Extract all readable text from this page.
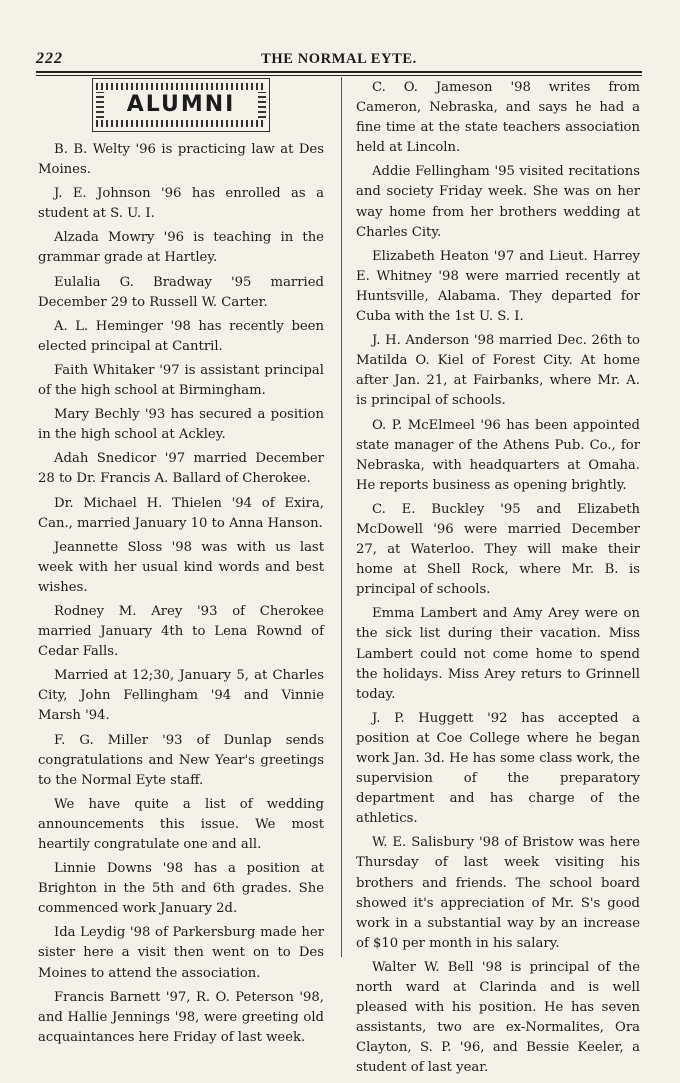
222	THE NORMAL EYTE.
ALUMNI

B. B. Welty '96 is practicing law at Des Moines.

J. E. Johnson '96 has enrolled as a student at S. U. I.

Alzada Mowry '96 is teaching in the grammar grade at Hartley.

Eulalia G. Bradway '95 married December 29 to Russell W. Carter.

A. L. Heminger '98 has recently been elected principal at Cantril.

Faith Whitaker '97 is assistant principal of the high school at Birmingham.

Mary Bechly '93 has secured a position in the high school at Ackley.

Adah Snedicor '97 married December 28 to Dr. Francis A. Ballard of Cherokee.

Dr. Michael H. Thielen '94 of Exira, Can., married January 10 to Anna Hanson.

Jeannette Sloss '98 was with us last week with her usual kind words and best wishes.

Rodney M. Arey '93 of Cherokee married January 4th to Lena Rownd of Cedar Falls.

Married at 12;30, January 5, at Charles City, John Fellingham '94 and Vinnie Marsh '94.

F. G. Miller '93 of Dunlap sends congratulations and New Year's greetings to the Normal Eyte staff.

We have quite a list of wedding announcements this issue. We most heartily congratulate one and all.

Linnie Downs '98 has a position at Brighton in the 5th and 6th grades. She commenced work January 2d.

Ida Leydig '98 of Parkersburg made her sister here a visit then went on to Des Moines to attend the association.

Francis Barnett '97, R. O. Peterson '98, and Hallie Jennings '98, were greeting old acquaintances here Friday of last week.

C. O. Jameson '98 writes from Cameron, Nebraska, and says he had a fine time at the state teachers association held at Lincoln.

Addie Fellingham '95 visited recitations and society Friday week. She was on her way home from her brothers wedding at Charles City.

Elizabeth Heaton '97 and Lieut. Harrey E. Whitney '98 were married recently at Huntsville, Alabama. They departed for Cuba with the 1st U. S. I.

J. H. Anderson '98 married Dec. 26th to Matilda O. Kiel of Forest City. At home after Jan. 21, at Fairbanks, where Mr. A. is principal of schools.

O. P. McElmeel '96 has been appointed state manager of the Athens Pub. Co., for Nebraska, with headquarters at Omaha. He reports business as opening brightly.

C. E. Buckley '95 and Elizabeth McDowell '96 were married December 27, at Waterloo. They will make their home at Shell Rock, where Mr. B. is principal of schools.

Emma Lambert and Amy Arey were on the sick list during their vacation. Miss Lambert could not come home to spend the holidays. Miss Arey returs to Grinnell today.

J. P. Huggett '92 has accepted a position at Coe College where he began work Jan. 3d. He has some class work, the supervision of the preparatory department and has charge of the athletics.

W. E. Salisbury '98 of Bristow was here Thursday of last week visiting his brothers and friends. The school board showed it's appreciation of Mr. S's good work in a substantial way by an increase of $10 per month in his salary.

Walter W. Bell '98 is principal of the north ward at Clarinda and is well pleased with his position. He has seven assistants, two are ex-Normalites, Ora Clayton, S. P. '96, and Bessie Keeler, a student of last year.
